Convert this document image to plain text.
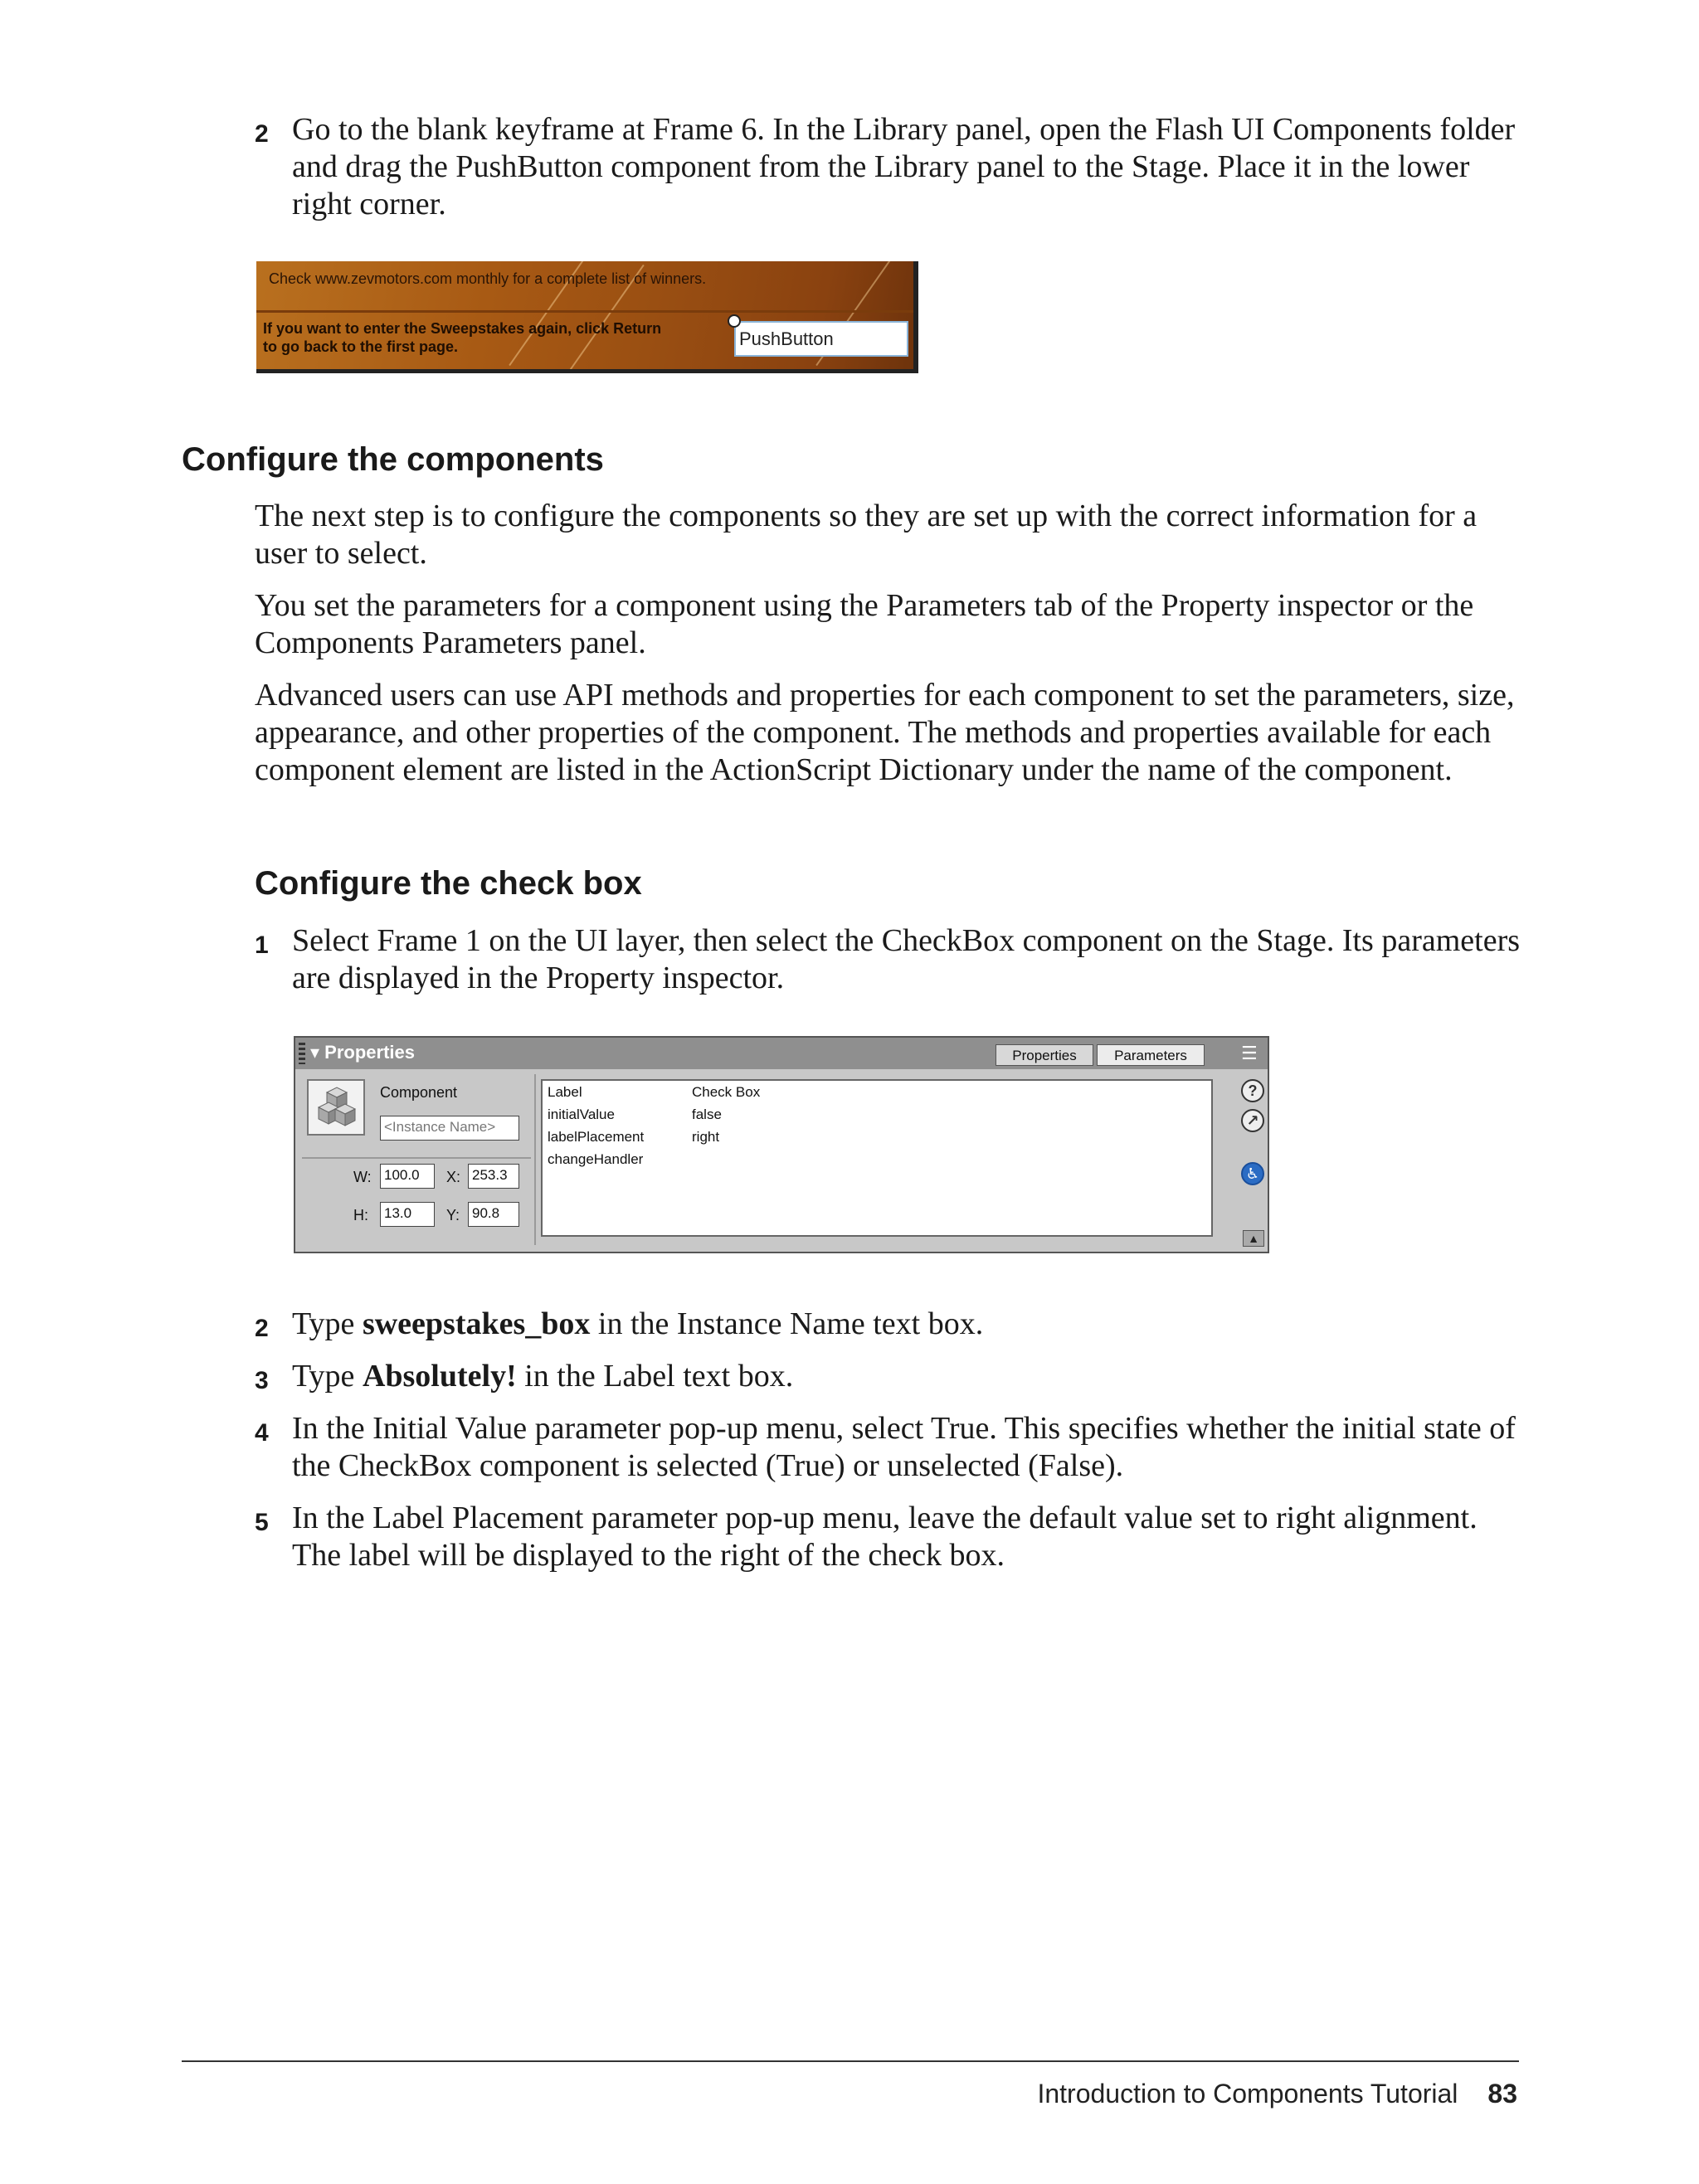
2 Go to the blank keyframe at Frame 6. In the Library panel, open the Flash UI Components folder and drag the PushButton component from the Library panel to the Stage. Place it in the lower right corner.
Check www.zevmotors.com monthly for a complete list of winners.
If you want to enter the Sweepstakes again, click Return
to go back to the first page.	PushButton
Configure the components

The next step is to configure the components so they are set up with the correct information for a user to select.

You set the parameters for a component using the Parameters tab of the Property inspector or the Components Parameters panel.

Advanced users can use API methods and properties for each component to set the parameters, size, appearance, and other properties of the component. The methods and properties available for each component element are listed in the ActionScript Dictionary under the name of the component.

Configure the check box
1 Select Frame 1 on the UI layer, then select the CheckBox component on the Stage. Its parameters are displayed in the Property inspector.
▾ Properties	Properties	Parameters	☰
Component
<Instance Name>
W: 100.0	X: 253.3
H: 13.0	Y: 90.8
Label	Check Box
initialValue	false
labelPlacement	right
changeHandler
?
↗
♿
▲
2 Type sweepstakes_box in the Instance Name text box.
3 Type Absolutely! in the Label text box.
4 In the Initial Value parameter pop-up menu, select True. This specifies whether the initial state of the CheckBox component is selected (True) or unselected (False).
5 In the Label Placement parameter pop-up menu, leave the default value set to right alignment. The label will be displayed to the right of the check box.
Introduction to Components Tutorial 83
